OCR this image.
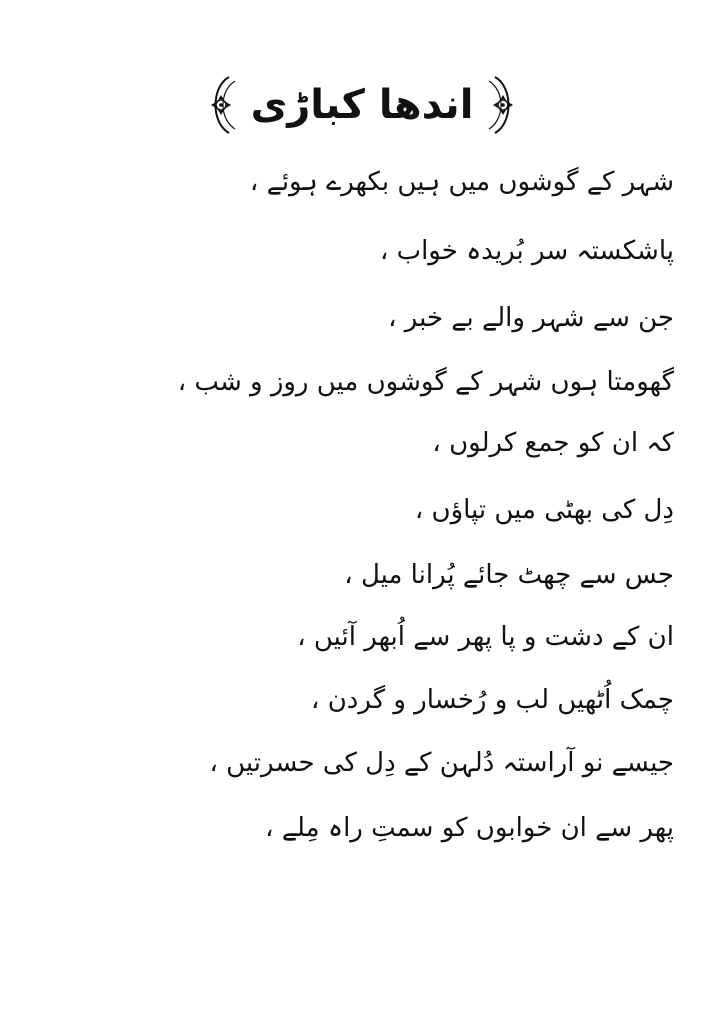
اندھا کباڑی
شہر کے گوشوں میں ہیں بکھرے ہوئے ،
پاشکستہ سر بُریدہ خواب ،
جن سے شہر والے بے خبر ،
گھومتا ہوں شہر کے گوشوں میں روز و شب ،
کہ ان کو جمع کرلوں ،
دِل کی بھٹی میں تپاؤں ،
جس سے چھٹ جائے پُرانا میل ،
ان کے دشت و پا پھر سے اُبھر آئیں ،
چمک اُٹھیں لب و رُخسار و گردن ،
جیسے نو آراستہ دُلہن کے دِل کی حسرتیں ،
پھر سے ان خوابوں کو سمتِ راہ مِلے ،
